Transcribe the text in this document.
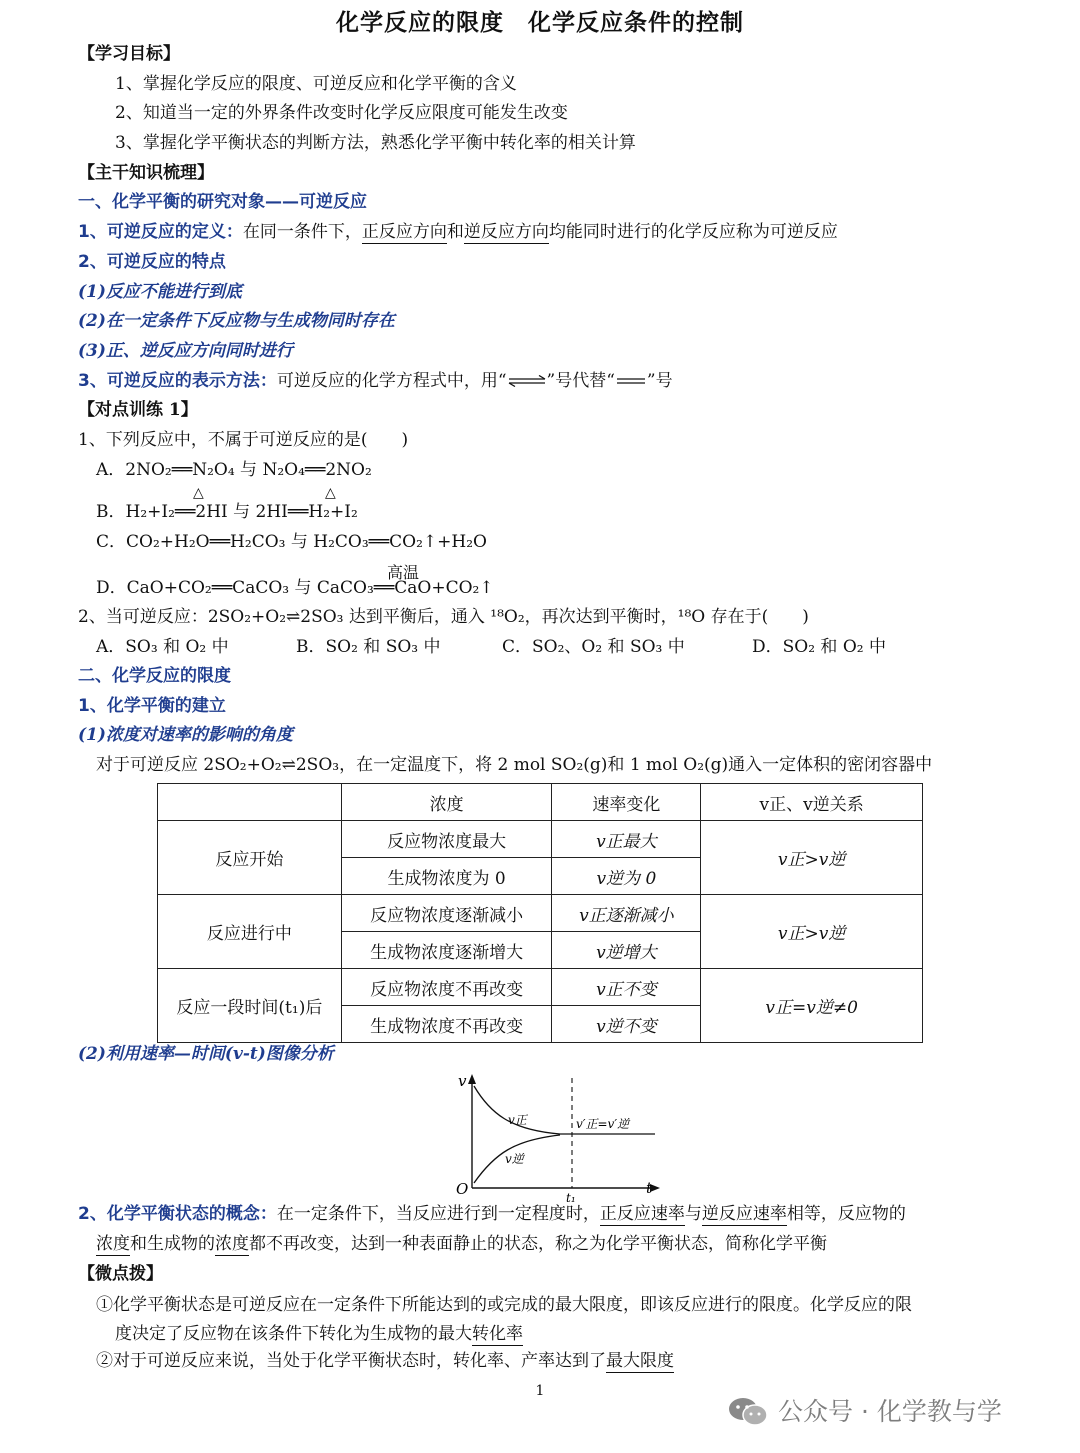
化学反应的限度　化学反应条件的控制
【学习目标】
1、掌握化学反应的限度、可逆反应和化学平衡的含义
2、知道当一定的外界条件改变时化学反应限度可能发生改变
3、掌握化学平衡状态的判断方法，熟悉化学平衡中转化率的相关计算
【主干知识梳理】
一、化学平衡的研究对象——可逆反应
1、可逆反应的定义：在同一条件下，正反应方向和逆反应方向均能同时进行的化学反应称为可逆反应
2、可逆反应的特点
(1)反应不能进行到底
(2)在一定条件下反应物与生成物同时存在
(3)正、逆反应方向同时进行
3、可逆反应的表示方法：可逆反应的化学方程式中，用“⇌”号代替“ ”号
【对点训练 1】
1、下列反应中，不属于可逆反应的是(　　)
A．2NO₂══N₂O₄ 与 N₂O₄══2NO₂
△	△
B．H₂+I₂══2HI 与 2HI══H₂+I₂
C．CO₂+H₂O══H₂CO₃ 与 H₂CO₃══CO₂↑+H₂O
高温
D．CaO+CO₂══CaCO₃ 与 CaCO₃══CaO+CO₂↑
2、当可逆反应：2SO₂+O₂⇌2SO₃ 达到平衡后，通入 ¹⁸O₂，再次达到平衡时，¹⁸O 存在于(　　)
A．SO₃ 和 O₂ 中	B．SO₂ 和 SO₃ 中	C．SO₂、O₂ 和 SO₃ 中	D．SO₂ 和 O₂ 中
二、化学反应的限度
1、化学平衡的建立
(1)浓度对速率的影响的角度
对于可逆反应 2SO₂+O₂⇌2SO₃，在一定温度下，将 2 mol SO₂(g)和 1 mol O₂(g)通入一定体积的密闭容器中
	浓度	速率变化	v正、v逆关系
反应开始	反应物浓度最大	v正最大	v正>v逆
	生成物浓度为 0	v逆为 0	
反应进行中	反应物浓度逐渐减小	v正逐渐减小	v正>v逆
	生成物浓度逐渐增大	v逆增大	
反应一段时间(t₁)后	反应物浓度不再改变	v正不变	v正=v逆≠0
	生成物浓度不再改变	v逆不变	
(2)利用速率—时间(v-t)图像分析
v
t
O	t₁
v正
v逆
v′正=v′逆
2、化学平衡状态的概念：在一定条件下，当反应进行到一定程度时，正反应速率与逆反应速率相等，反应物的
浓度和生成物的浓度都不再改变，达到一种表面静止的状态，称之为化学平衡状态，简称化学平衡
【微点拨】
①化学平衡状态是可逆反应在一定条件下所能达到的或完成的最大限度，即该反应进行的限度。化学反应的限
度决定了反应物在该条件下转化为生成物的最大转化率
②对于可逆反应来说，当处于化学平衡状态时，转化率、产率达到了最大限度
1
公众号 · 化学教与学
